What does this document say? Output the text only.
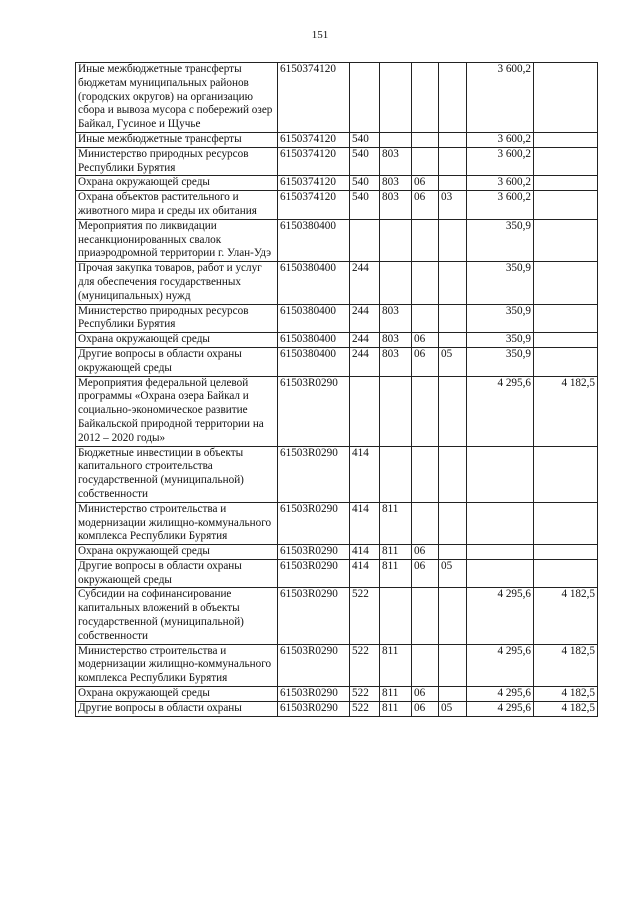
151
Иные межбюджетные трансферты бюджетам муниципальных районов (городских округов) на организацию сбора и вывоза мусора с побережий озер Байкал, Гусиное и Щучье	6150374120					3 600,2	
Иные межбюджетные трансферты	6150374120	540				3 600,2	
Министерство природных ресурсов Республики Бурятия	6150374120	540	803			3 600,2	
Охрана окружающей среды	6150374120	540	803	06		3 600,2	
Охрана объектов растительного и животного мира и среды их обитания	6150374120	540	803	06	03	3 600,2	
Мероприятия по ликвидации несанкционированных свалок приаэродромной территории г. Улан-Удэ	6150380400					350,9	
Прочая закупка товаров, работ и услуг для обеспечения государственных (муниципальных) нужд	6150380400	244				350,9	
Министерство природных ресурсов Республики Бурятия	6150380400	244	803			350,9	
Охрана окружающей среды	6150380400	244	803	06		350,9	
Другие вопросы в области охраны окружающей среды	6150380400	244	803	06	05	350,9	
Мероприятия федеральной целевой программы «Охрана озера Байкал и социально-экономическое развитие Байкальской природной территории на 2012 – 2020 годы»	61503R0290					4 295,6	4 182,5
Бюджетные инвестиции в объекты капитального строительства государственной (муниципальной) собственности	61503R0290	414					
Министерство строительства и модернизации жилищно-коммунального комплекса Республики Бурятия	61503R0290	414	811				
Охрана окружающей среды	61503R0290	414	811	06			
Другие вопросы в области охраны окружающей среды	61503R0290	414	811	06	05		
Субсидии на софинансирование капитальных вложений в объекты государственной (муниципальной) собственности	61503R0290	522				4 295,6	4 182,5
Министерство строительства и модернизации жилищно-коммунального комплекса Республики Бурятия	61503R0290	522	811			4 295,6	4 182,5
Охрана окружающей среды	61503R0290	522	811	06		4 295,6	4 182,5
Другие вопросы в области охраны	61503R0290	522	811	06	05	4 295,6	4 182,5
